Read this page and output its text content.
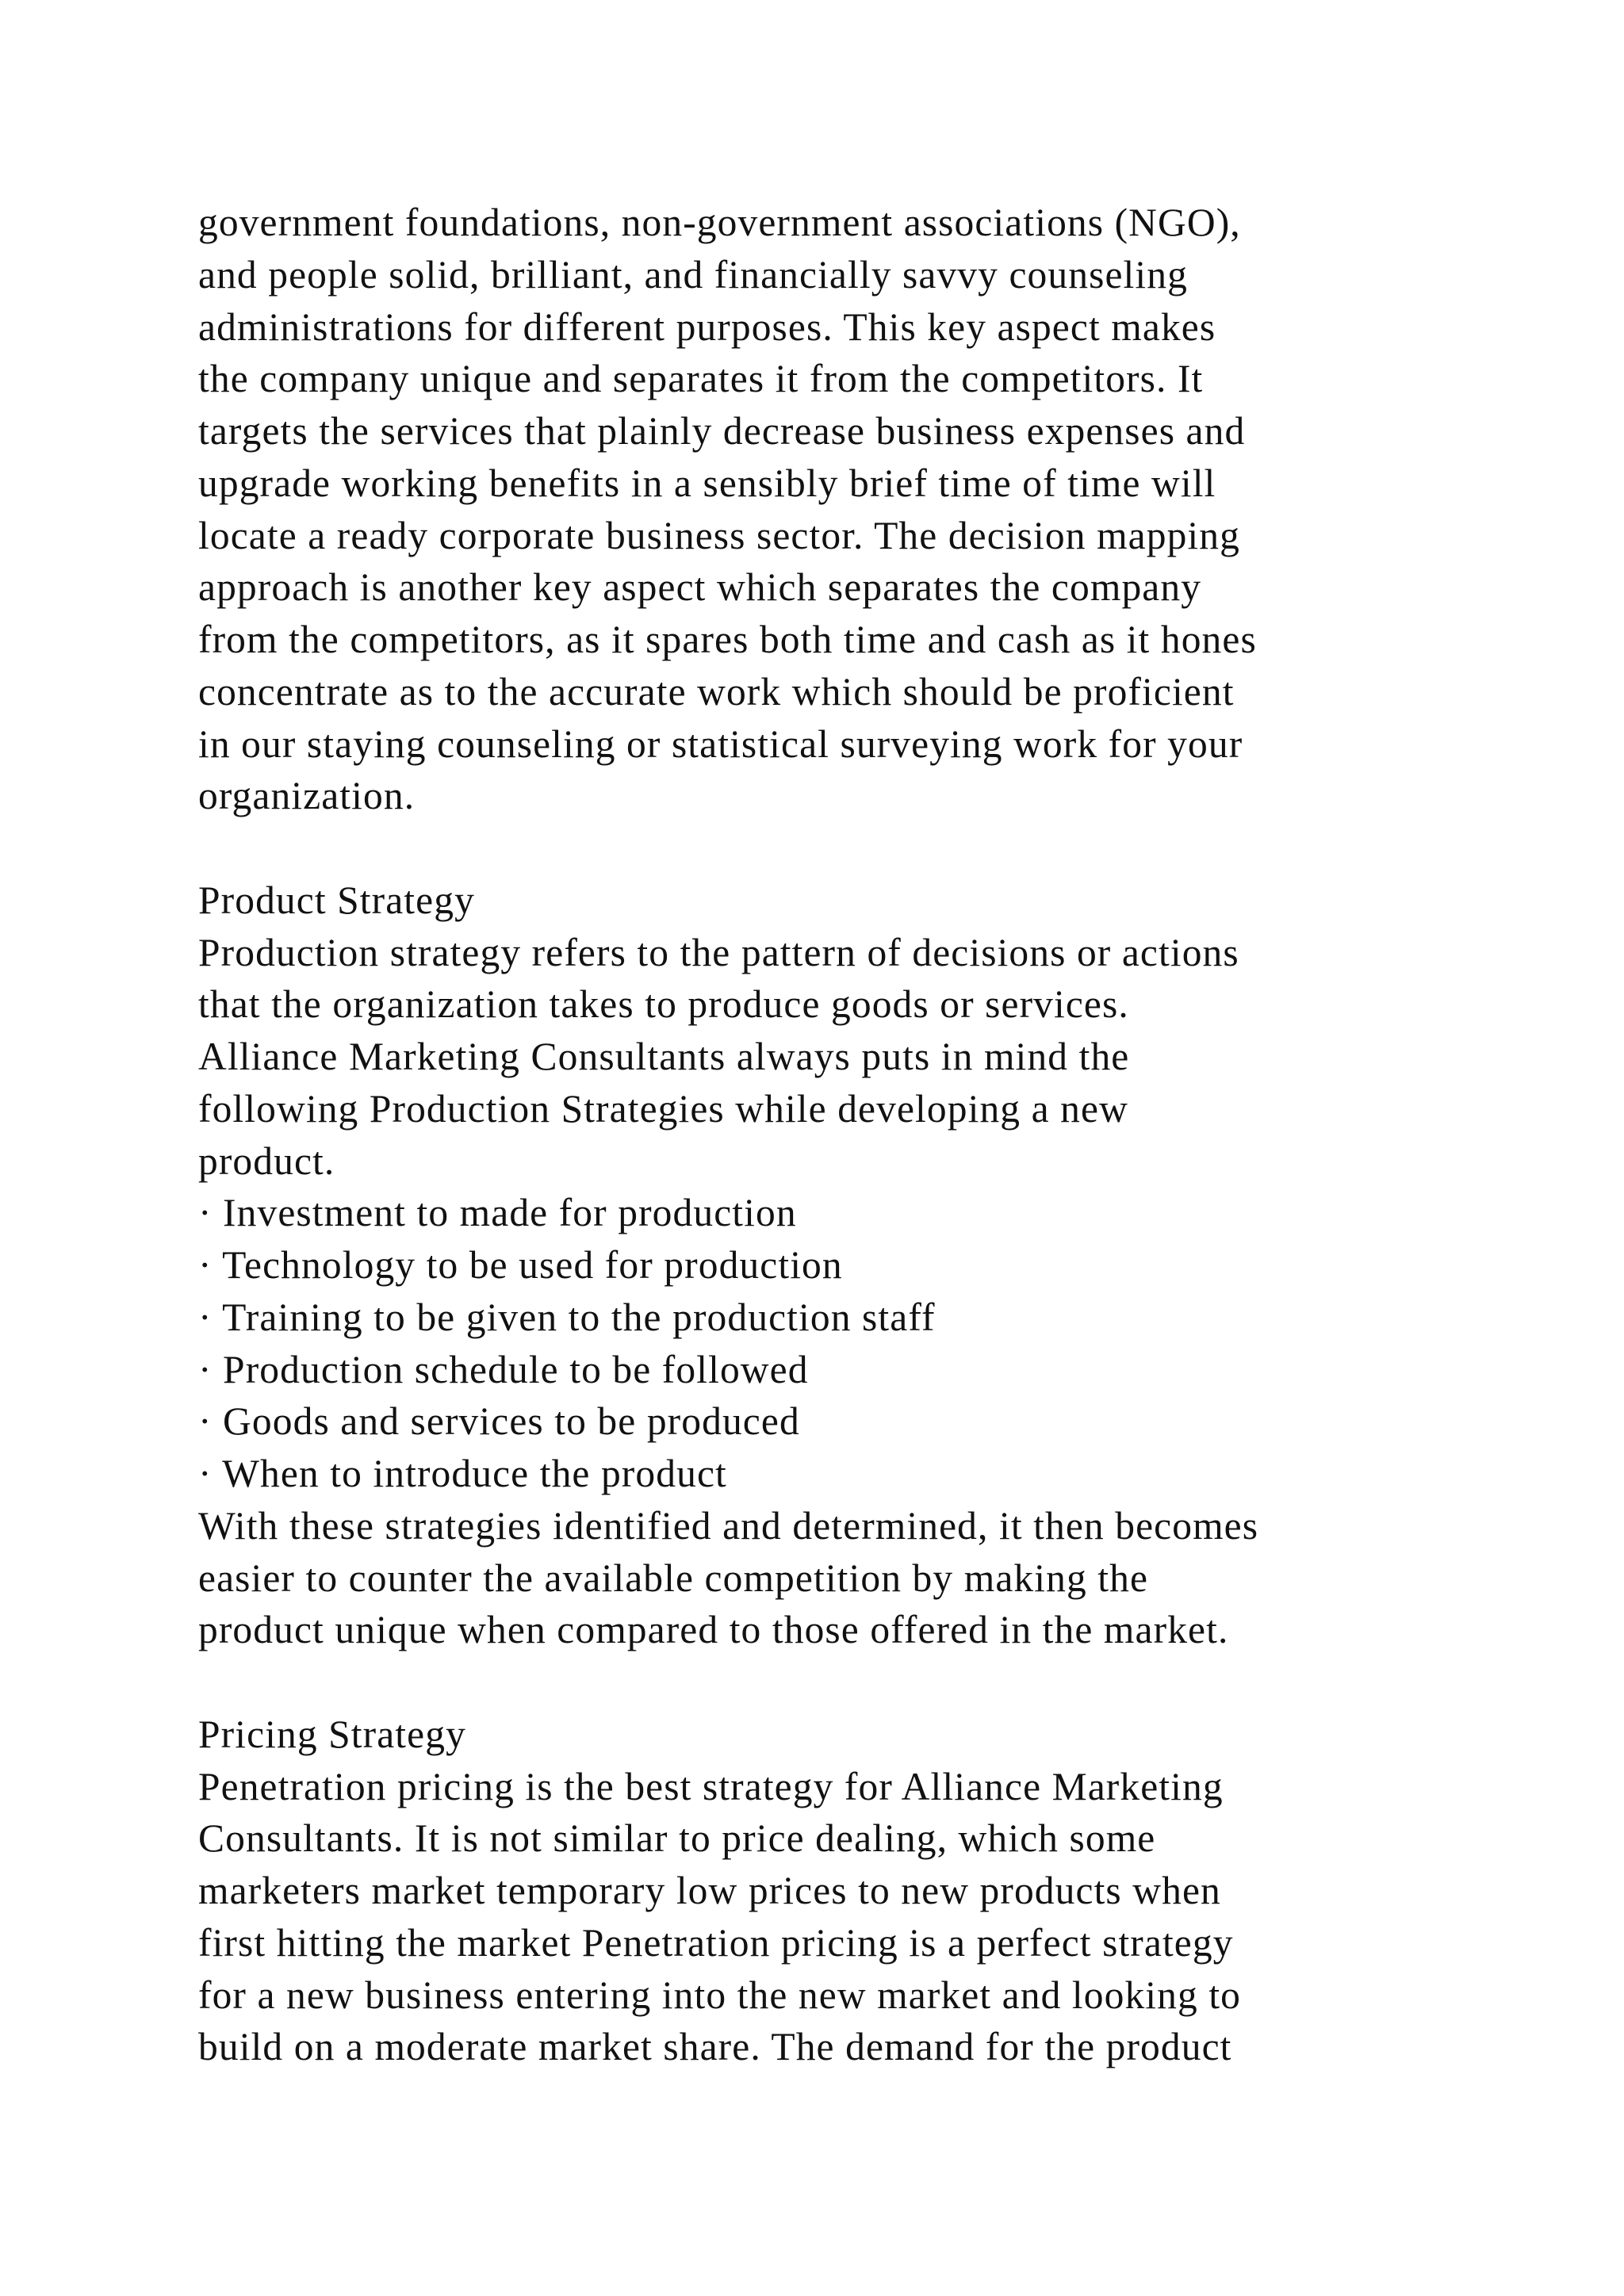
government foundations, non-government associations (NGO),
and people solid, brilliant, and financially savvy counseling
administrations for different purposes. This key aspect makes
the company unique and separates it from the competitors. It
targets the services that plainly decrease business expenses and
upgrade working benefits in a sensibly brief time of time will
locate a ready corporate business sector. The decision mapping
approach is another key aspect which separates the company
from the competitors, as it spares both time and cash as it hones
concentrate as to the accurate work which should be proficient
in our staying counseling or statistical surveying work for your
organization.
Product Strategy
Production strategy refers to the pattern of decisions or actions
that the organization takes to produce goods or services.
Alliance Marketing Consultants always puts in mind the
following Production Strategies while developing a new
product.
· Investment to made for production
· Technology to be used for production
· Training to be given to the production staff
· Production schedule to be followed
· Goods and services to be produced
· When to introduce the product
With these strategies identified and determined, it then becomes
easier to counter the available competition by making the
product unique when compared to those offered in the market.
Pricing Strategy
Penetration pricing is the best strategy for Alliance Marketing
Consultants. It is not similar to price dealing, which some
marketers market temporary low prices to new products when
first hitting the market Penetration pricing is a perfect strategy
for a new business entering into the new market and looking to
build on a moderate market share. The demand for the product
